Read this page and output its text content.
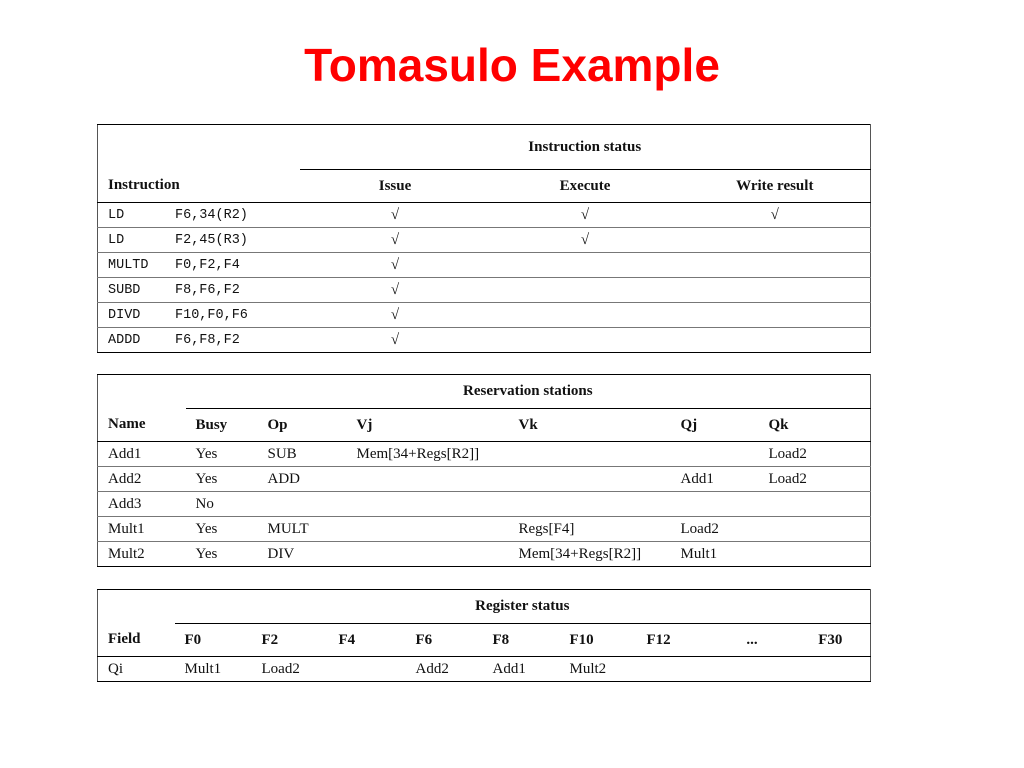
Tomasulo Example
	Instruction status		
Instruction	Issue	Execute	Write result
LD F6,34(R2)	√	√	√
LD F2,45(R3)	√	√	
MULTD F0,F2,F4	√		
SUBD F8,F6,F2	√		
DIVD F10,F0,F6	√		
ADDD F6,F8,F2	√		
	Reservation stations					
Name	Busy	Op	Vj	Vk	Qj	Qk
Add1	Yes	SUB	Mem[34+Regs[R2]]			Load2
Add2	Yes	ADD			Add1	Load2
Add3	No					
Mult1	Yes	MULT		Regs[F4]	Load2	
Mult2	Yes	DIV		Mem[34+Regs[R2]]	Mult1	
	Register status								
Field	F0	F2	F4	F6	F8	F10	F12	...	F30
Qi	Mult1	Load2		Add2	Add1	Mult2			
